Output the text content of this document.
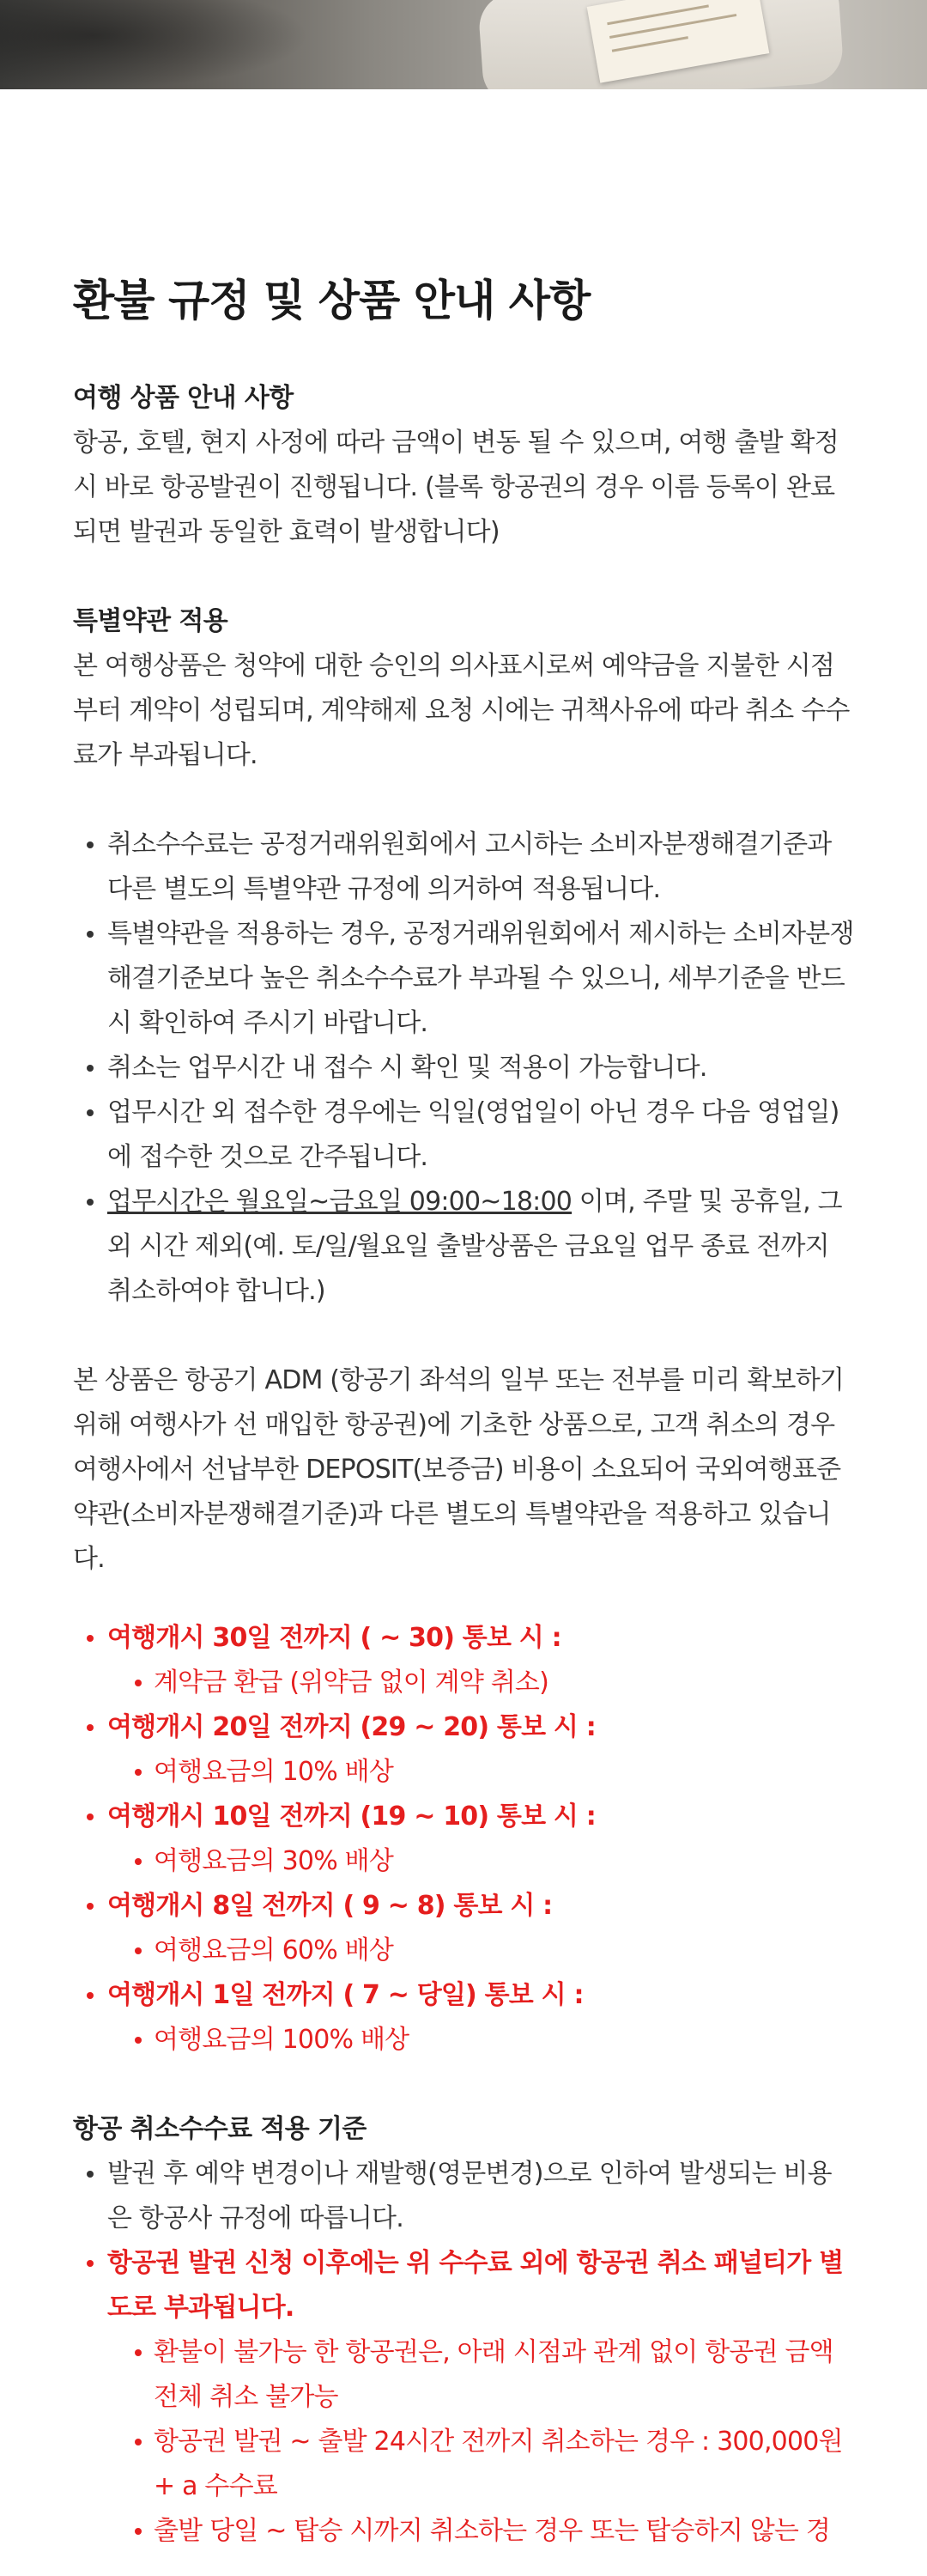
환불 규정 및 상품 안내 사항
여행 상품 안내 사항

항공, 호텔, 현지 사정에 따라 금액이 변동 될 수 있으며, 여행 출발 확정시 바로 항공발권이 진행됩니다. (블록 항공권의 경우 이름 등록이 완료되면 발권과 동일한 효력이 발생합니다)

특별약관 적용

본 여행상품은 청약에 대한 승인의 의사표시로써 예약금을 지불한 시점부터 계약이 성립되며, 계약해제 요청 시에는 귀책사유에 따라 취소 수수료가 부과됩니다.

취소수수료는 공정거래위원회에서 고시하는 소비자분쟁해결기준과 다른 별도의 특별약관 규정에 의거하여 적용됩니다.
특별약관을 적용하는 경우, 공정거래위원회에서 제시하는 소비자분쟁해결기준보다 높은 취소수수료가 부과될 수 있으니, 세부기준을 반드시 확인하여 주시기 바랍니다.
취소는 업무시간 내 접수 시 확인 및 적용이 가능합니다.
업무시간 외 접수한 경우에는 익일(영업일이 아닌 경우 다음 영업일)에 접수한 것으로 간주됩니다.
업무시간은 월요일~금요일 09:00~18:00 이며, 주말 및 공휴일, 그 외 시간 제외(예. 토/일/월요일 출발상품은 금요일 업무 종료 전까지 취소하여야 합니다.)

본 상품은 항공기 ADM (항공기 좌석의 일부 또는 전부를 미리 확보하기 위해 여행사가 선 매입한 항공권)에 기초한 상품으로, 고객 취소의 경우 여행사에서 선납부한 DEPOSIT(보증금) 비용이 소요되어 국외여행표준약관(소비자분쟁해결기준)과 다른 별도의 특별약관을 적용하고 있습니다.

여행개시 30일 전까지 ( ~ 30) 통보 시 :
계약금 환급 (위약금 없이 계약 취소)
여행개시 20일 전까지 (29 ~ 20) 통보 시 :
여행요금의 10% 배상
여행개시 10일 전까지 (19 ~ 10) 통보 시 :
여행요금의 30% 배상
여행개시 8일 전까지 ( 9 ~ 8) 통보 시 :
여행요금의 60% 배상
여행개시 1일 전까지 ( 7 ~ 당일) 통보 시 :
여행요금의 100% 배상
항공 취소수수료 적용 기준
발권 후 예약 변경이나 재발행(영문변경)으로 인하여 발생되는 비용은 항공사 규정에 따릅니다.
항공권 발권 신청 이후에는 위 수수료 외에 항공권 취소 패널티가 별도로 부과됩니다.
환불이 불가능 한 항공권은, 아래 시점과 관계 없이 항공권 금액 전체 취소 불가능
항공권 발권 ~ 출발 24시간 전까지 취소하는 경우 : 300,000원 + a 수수료
출발 당일 ~ 탑승 시까지 취소하는 경우 또는 탑승하지 않는 경
